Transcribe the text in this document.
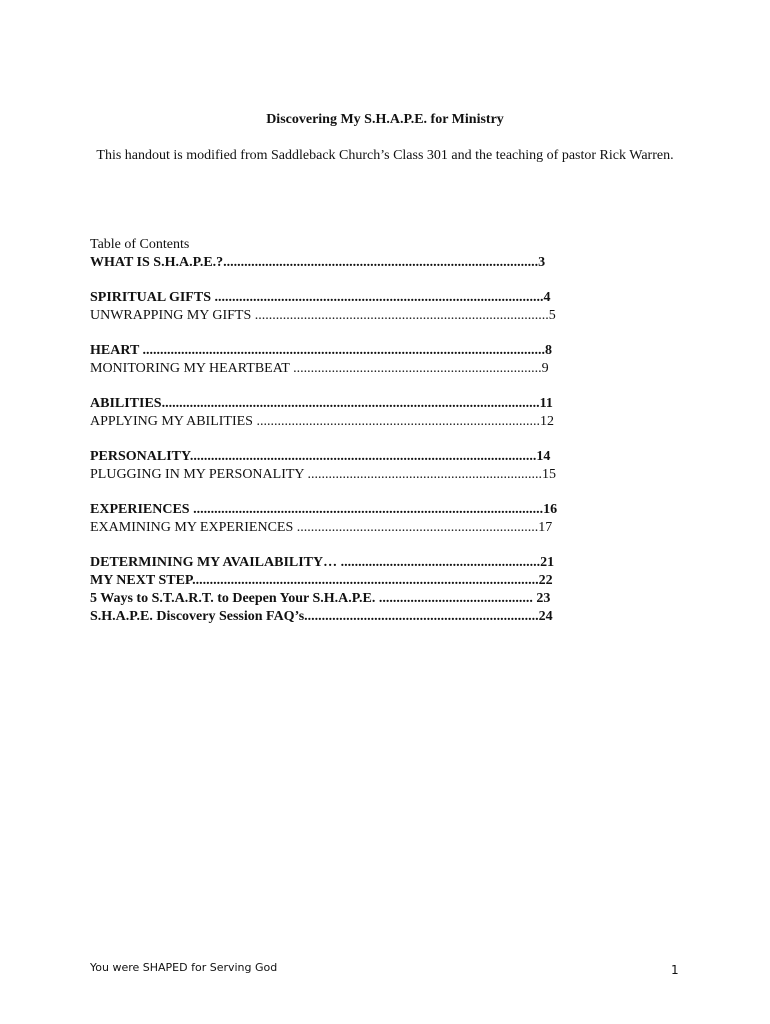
Discovering My S.H.A.P.E. for Ministry
This handout is modified from Saddleback Church’s Class 301 and the teaching of pastor Rick Warren.
Table of Contents
WHAT IS S.H.A.P.E.?..........................................................................................3
SPIRITUAL GIFTS ..............................................................................................4
UNWRAPPING MY GIFTS ....................................................................................5
HEART ...................................................................................................................8
MONITORING MY HEARTBEAT .......................................................................9
ABILITIES............................................................................................................11
APPLYING MY ABILITIES .................................................................................12
PERSONALITY...................................................................................................14
PLUGGING IN MY PERSONALITY ...................................................................15
EXPERIENCES ....................................................................................................16
EXAMINING MY EXPERIENCES .....................................................................17
DETERMINING MY AVAILABILITY… .........................................................21
MY NEXT STEP...................................................................................................22
5 Ways to S.T.A.R.T. to Deepen Your S.H.A.P.E. ............................................ 23
S.H.A.P.E. Discovery Session FAQ’s...................................................................24
You were SHAPED for Serving God	1
